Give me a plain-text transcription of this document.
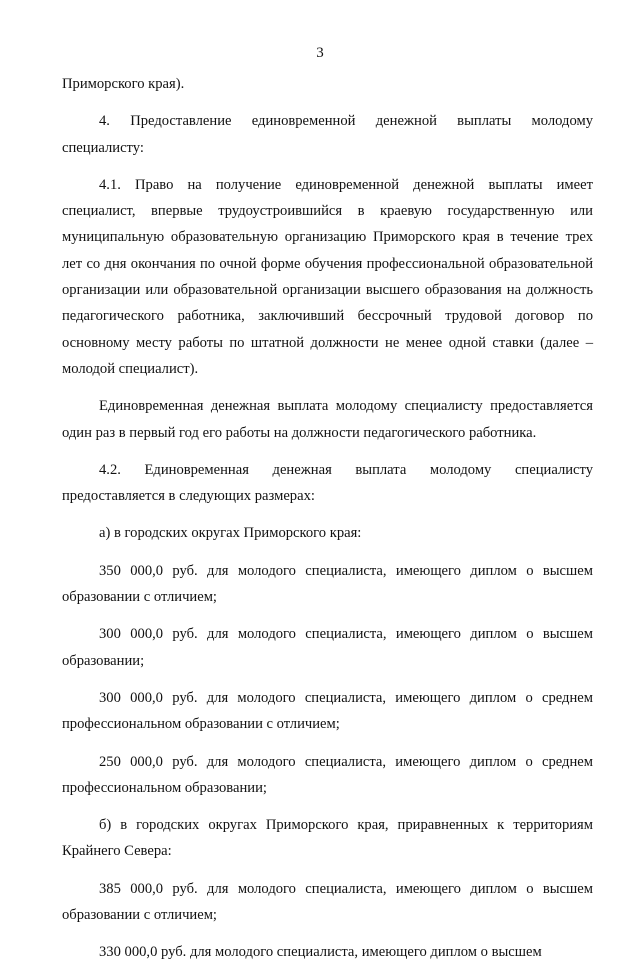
3

Приморского края).

4. Предоставление единовременной денежной выплаты молодому специалисту:

4.1. Право на получение единовременной денежной выплаты имеет специалист, впервые трудоустроившийся в краевую государственную или муниципальную образовательную организацию Приморского края в течение трех лет со дня окончания по очной форме обучения профессиональной образовательной организации или образовательной организации высшего образования на должность педагогического работника, заключивший бессрочный трудовой договор по основному месту работы по штатной должности не менее одной ставки (далее – молодой специалист).

Единовременная денежная выплата молодому специалисту предоставляется один раз в первый год его работы на должности педагогического работника.

4.2. Единовременная денежная выплата молодому специалисту предоставляется в следующих размерах:

а) в городских округах Приморского края:

350 000,0 руб. для молодого специалиста, имеющего диплом о высшем образовании с отличием;

300 000,0 руб. для молодого специалиста, имеющего диплом о высшем образовании;

300 000,0 руб. для молодого специалиста, имеющего диплом о среднем профессиональном образовании с отличием;

250 000,0 руб. для молодого специалиста, имеющего диплом о среднем профессиональном образовании;

б) в городских округах Приморского края, приравненных к территориям Крайнего Севера:

385 000,0 руб. для молодого специалиста, имеющего диплом о высшем образовании с отличием;

330 000,0 руб. для молодого специалиста, имеющего диплом о высшем
